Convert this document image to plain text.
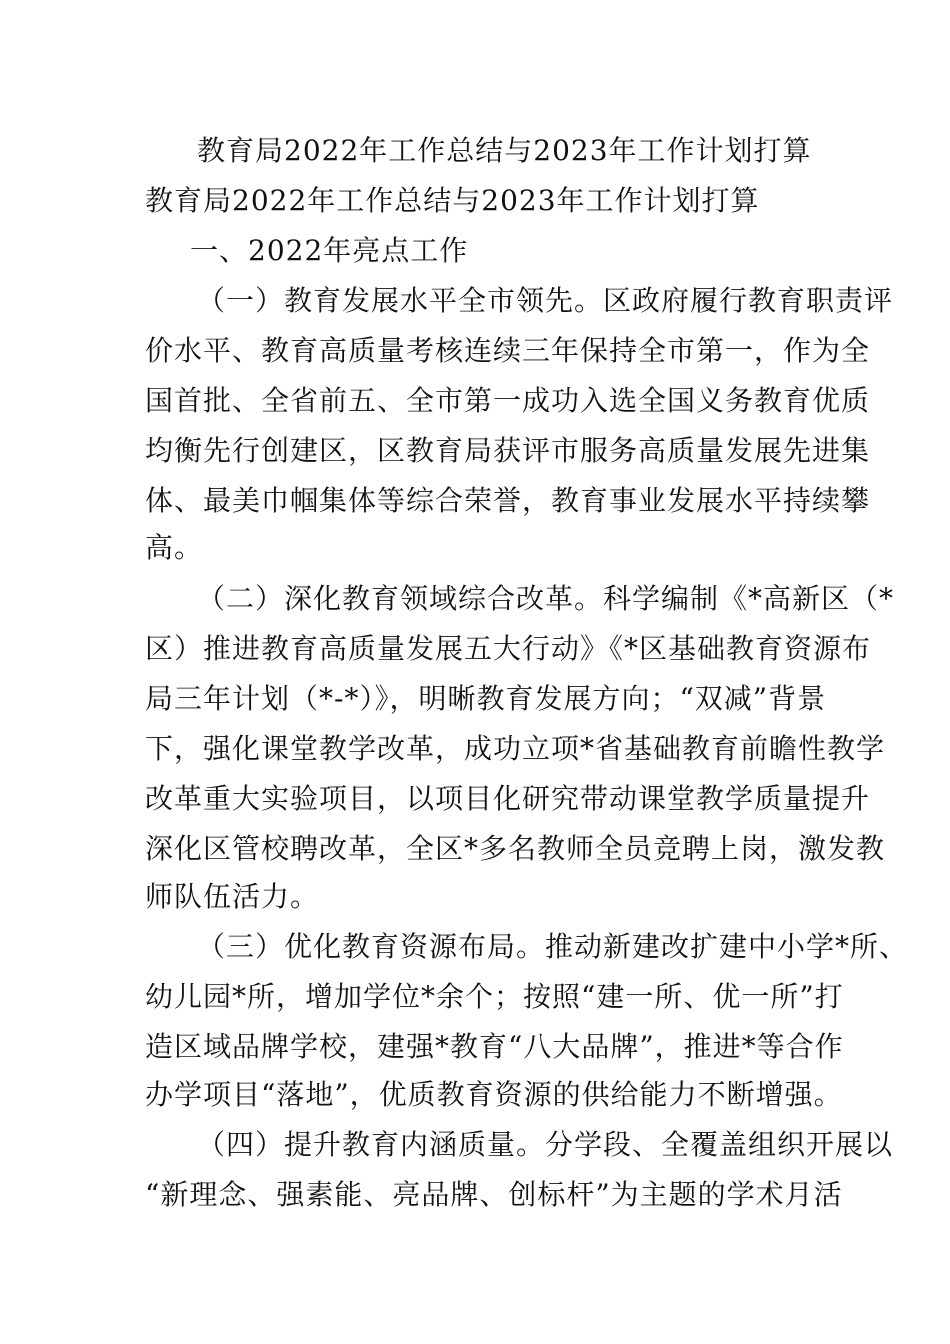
教育局2022年工作总结与2023年工作计划打算

教育局2022年工作总结与2023年工作计划打算

一、2022年亮点工作

（一）教育发展水平全市领先。区政府履行教育职责评

价水平、教育高质量考核连续三年保持全市第一，作为全

国首批、全省前五、全市第一成功入选全国义务教育优质

均衡先行创建区，区教育局获评市服务高质量发展先进集

体、最美巾帼集体等综合荣誉，教育事业发展水平持续攀

高。

（二）深化教育领域综合改革。科学编制《*高新区（*

区）推进教育高质量发展五大行动》《*区基础教育资源布

局三年计划（*-*）》，明晰教育发展方向；“双减”背景

下，强化课堂教学改革，成功立项*省基础教育前瞻性教学

改革重大实验项目，以项目化研究带动课堂教学质量提升

深化区管校聘改革，全区*多名教师全员竞聘上岗，激发教

师队伍活力。

（三）优化教育资源布局。推动新建改扩建中小学*所、

幼儿园*所，增加学位*余个；按照“建一所、优一所”打

造区域品牌学校，建强*教育“八大品牌”，推进*等合作

办学项目“落地”，优质教育资源的供给能力不断增强。

（四）提升教育内涵质量。分学段、全覆盖组织开展以

“新理念、强素能、亮品牌、创标杆”为主题的学术月活
